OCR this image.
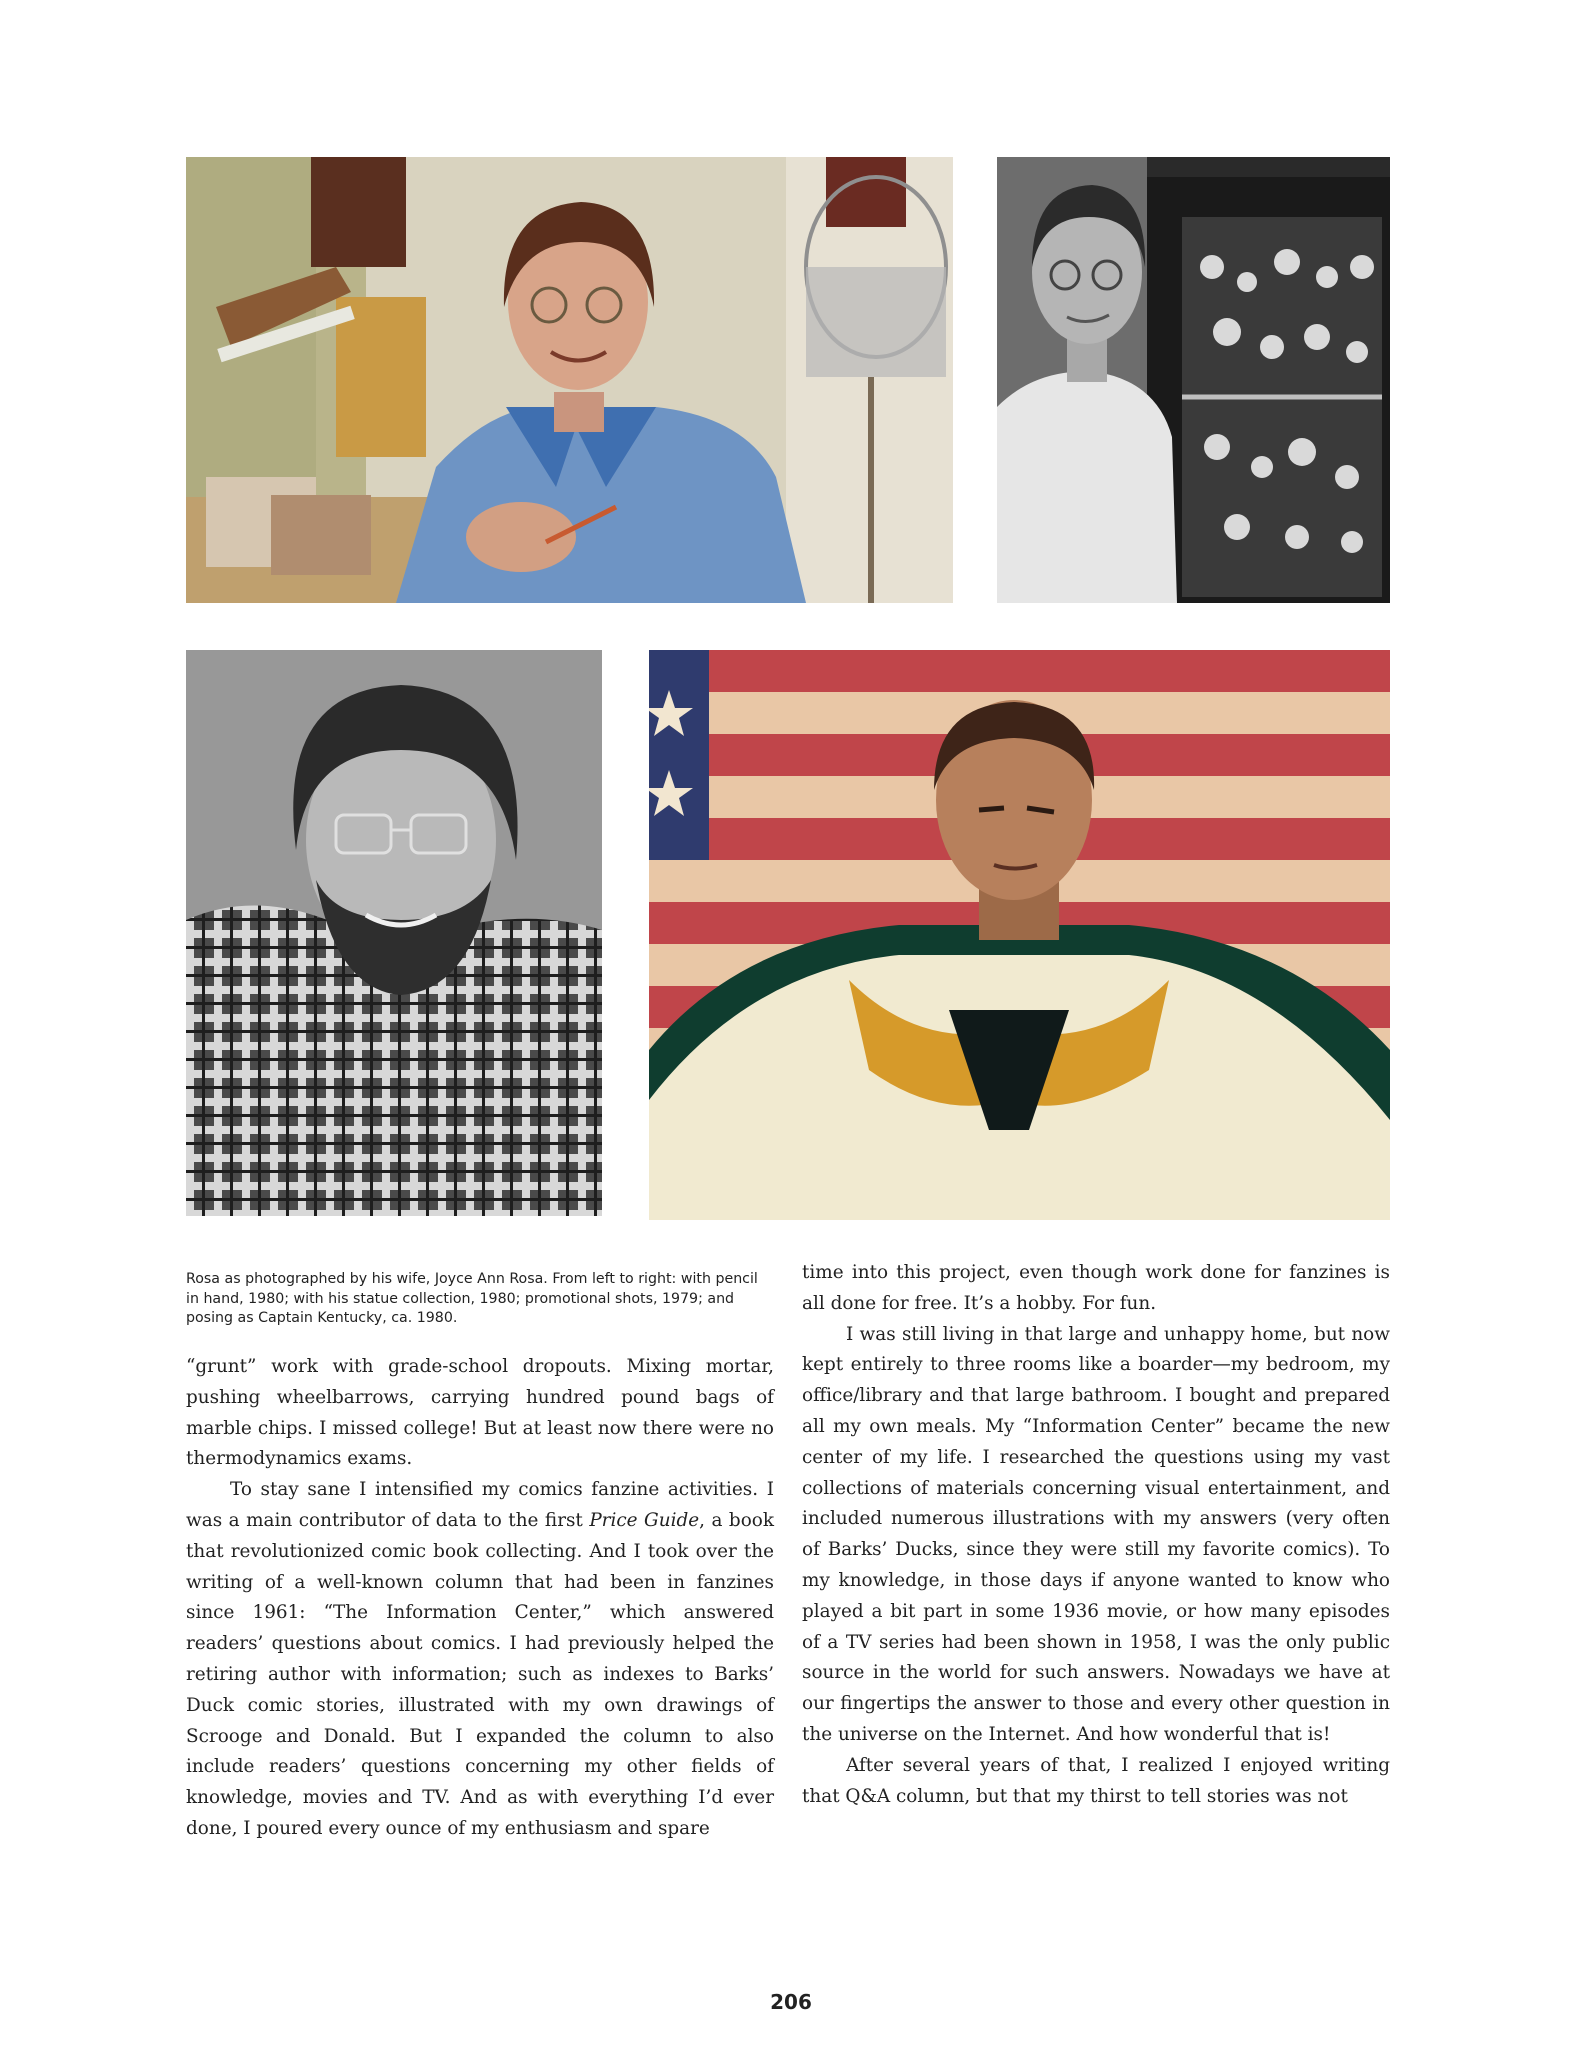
Rosa as photographed by his wife, Joyce Ann Rosa. From left to right: with pencil in hand, 1980; with his statue collection, 1980; promotional shots, 1979; and posing as Captain Kentucky, ca. 1980.

“grunt” work with grade-school dropouts. Mixing mortar, pushing wheelbarrows, carrying hundred pound bags of marble chips. I missed college! But at least now there were no thermodynamics exams.

To stay sane I intensified my comics fanzine activities. I was a main contributor of data to the first Price Guide, a book that revolutionized comic book collecting. And I took over the writing of a well-known column that had been in fanzines since 1961: “The Information Center,” which answered readers’ questions about comics. I had previously helped the retiring author with information; such as indexes to Barks’ Duck comic stories, illustrated with my own drawings of Scrooge and Donald. But I expanded the column to also include readers’ questions concerning my other fields of knowledge, movies and TV. And as with everything I’d ever done, I poured every ounce of my enthusiasm and spare

time into this project, even though work done for fanzines is all done for free. It’s a hobby. For fun.

I was still living in that large and unhappy home, but now kept entirely to three rooms like a boarder—my bedroom, my office/library and that large bathroom. I bought and prepared all my own meals. My “Information Center” became the new center of my life. I researched the questions using my vast collections of materials concerning visual entertainment, and included numerous illustrations with my answers (very often of Barks’ Ducks, since they were still my favorite comics). To my knowledge, in those days if anyone wanted to know who played a bit part in some 1936 movie, or how many episodes of a TV series had been shown in 1958, I was the only public source in the world for such answers. Nowadays we have at our fingertips the answer to those and every other question in the universe on the Internet. And how wonderful that is!

After several years of that, I realized I enjoyed writing that Q&A column, but that my thirst to tell stories was not

206
